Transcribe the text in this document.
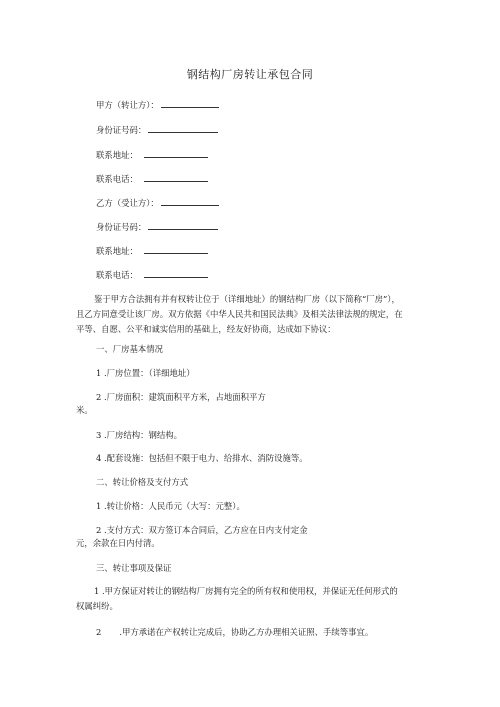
钢结构厂房转让承包合同
甲方（转让方）：
身份证号码：
联系地址：
联系电话：
乙方（受让方）：
身份证号码：
联系地址：
联系电话：
鉴于甲方合法拥有并有权转让位于（详细地址）的钢结构厂房（以下简称“厂房”），且乙方同意受让该厂房。双方依据《中华人民共和国民法典》及相关法律法规的规定，在平等、自愿、公平和诚实信用的基础上，经友好协商，达成如下协议：
一、厂房基本情况
1 .厂房位置：（详细地址）
2 .厂房面积：建筑面积平方米，占地面积平方
米。
3 .厂房结构：钢结构。
4 .配套设施：包括但不限于电力、给排水、消防设施等。
二、转让价格及支付方式
1 .转让价格：人民币元（大写：元整）。
2 .支付方式：双方签订本合同后，乙方应在日内支付定金
元，余款在日内付清。
三、转让事项及保证
1 .甲方保证对转让的钢结构厂房拥有完全的所有权和使用权，并保证无任何形式的权属纠纷。
2 .甲方承诺在产权转让完成后，协助乙方办理相关证照、手续等事宜。
